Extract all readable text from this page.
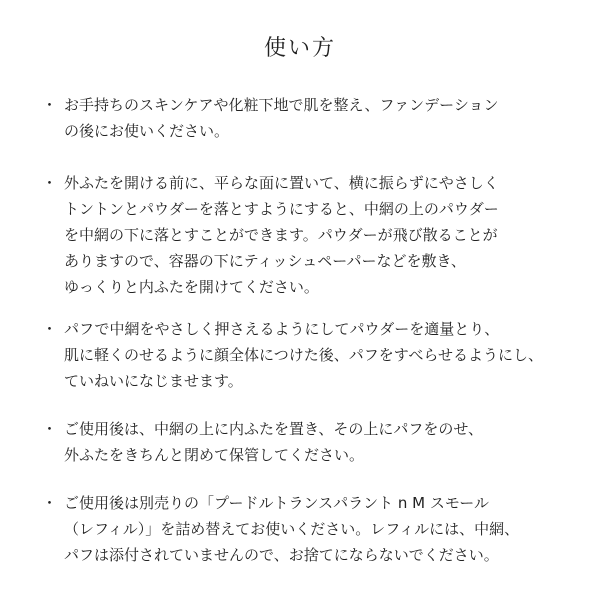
使い方
・ お手持ちのスキンケアや化粧下地で肌を整え、ファンデーション
の後にお使いください。
・ 外ふたを開ける前に、平らな面に置いて、横に振らずにやさしく
トントンとパウダーを落とすようにすると、中網の上のパウダー
を中網の下に落とすことができます。パウダーが飛び散ることが
ありますので、容器の下にティッシュペーパーなどを敷き、
ゆっくりと内ふたを開けてください。
・ パフで中網をやさしく押さえるようにしてパウダーを適量とり、
肌に軽くのせるように顔全体につけた後、パフをすべらせるようにし、
ていねいになじませます。
・ ご使用後は、中網の上に内ふたを置き、その上にパフをのせ、
外ふたをきちんと閉めて保管してください。
・ ご使用後は別売りの「プードルトランスパラント n M スモール
（レフィル）」を詰め替えてお使いください。レフィルには、中網、
パフは添付されていませんので、お捨てにならないでください。
